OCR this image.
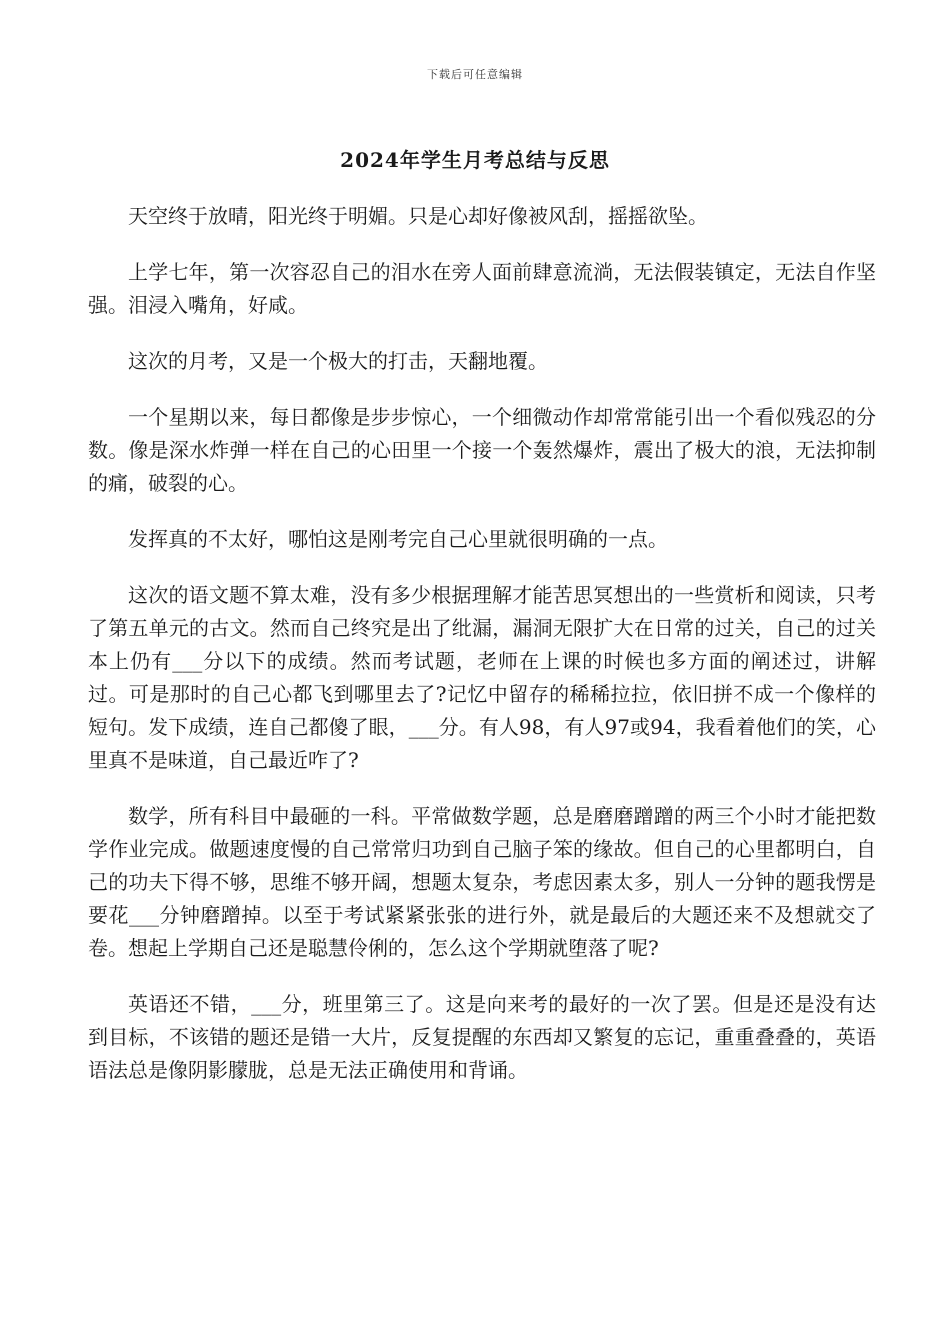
下载后可任意编辑
2024年学生月考总结与反思

天空终于放晴，阳光终于明媚。只是心却好像被风刮，摇摇欲坠。

上学七年，第一次容忍自己的泪水在旁人面前肆意流淌，无法假装镇定，无法自作坚强。泪浸入嘴角，好咸。

这次的月考，又是一个极大的打击，天翻地覆。

一个星期以来，每日都像是步步惊心，一个细微动作却常常能引出一个看似残忍的分数。像是深水炸弹一样在自己的心田里一个接一个轰然爆炸，震出了极大的浪，无法抑制的痛，破裂的心。

发挥真的不太好，哪怕这是刚考完自己心里就很明确的一点。

这次的语文题不算太难，没有多少根据理解才能苦思冥想出的一些赏析和阅读，只考了第五单元的古文。然而自己终究是出了纰漏，漏洞无限扩大在日常的过关，自己的过关本上仍有___分以下的成绩。然而考试题，老师在上课的时候也多方面的阐述过，讲解过。可是那时的自己心都飞到哪里去了?记忆中留存的稀稀拉拉，依旧拼不成一个像样的短句。发下成绩，连自己都傻了眼，___分。有人98，有人97或94，我看着他们的笑，心里真不是味道，自己最近咋了?

数学，所有科目中最砸的一科。平常做数学题，总是磨磨蹭蹭的两三个小时才能把数学作业完成。做题速度慢的自己常常归功到自己脑子笨的缘故。但自己的心里都明白，自己的功夫下得不够，思维不够开阔，想题太复杂，考虑因素太多，别人一分钟的题我愣是要花___分钟磨蹭掉。以至于考试紧紧张张的进行外，就是最后的大题还来不及想就交了卷。想起上学期自己还是聪慧伶俐的，怎么这个学期就堕落了呢?

英语还不错，___分，班里第三了。这是向来考的最好的一次了罢。但是还是没有达到目标，不该错的题还是错一大片，反复提醒的东西却又繁复的忘记，重重叠叠的，英语语法总是像阴影朦胧，总是无法正确使用和背诵。
